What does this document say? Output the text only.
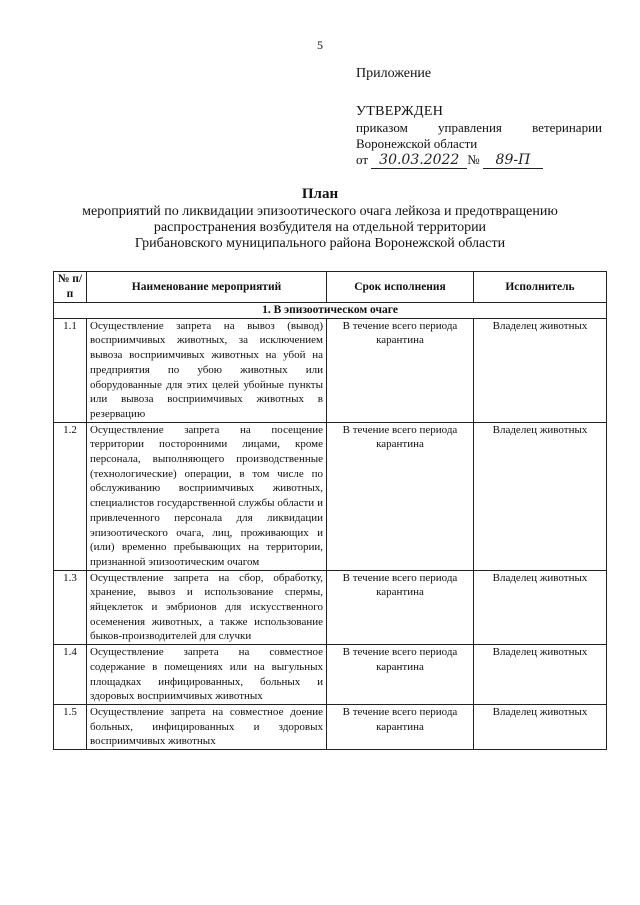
5
Приложение
УТВЕРЖДЕН
приказом управления ветеринарии
Воронежской области
от 30.03.2022 № 89-П
План
мероприятий по ликвидации эпизоотического очага лейкоза и предотвращению
распространения возбудителя на отдельной территории
Грибановского муниципального района Воронежской области
№ п/п	Наименование мероприятий	Срок исполнения	Исполнитель
1. В эпизоотическом очаге			
1.1	Осуществление запрета на вывоз (вывод) восприимчивых животных, за исключением вывоза восприимчивых животных на убой на предприятия по убою животных или оборудованные для этих целей убойные пункты или вывоза восприимчивых животных в резервацию	В течение всего периода карантина	Владелец животных
1.2	Осуществление запрета на посещение территории посторонними лицами, кроме персонала, выполняющего производственные (технологические) операции, в том числе по обслуживанию восприимчивых животных, специалистов государственной службы области и привлеченного персонала для ликвидации эпизоотического очага, лиц, проживающих и (или) временно пребывающих на территории, признанной эпизоотическим очагом	В течение всего периода карантина	Владелец животных
1.3	Осуществление запрета на сбор, обработку, хранение, вывоз и использование спермы, яйцеклеток и эмбрионов для искусственного осеменения животных, а также использование быков-производителей для случки	В течение всего периода карантина	Владелец животных
1.4	Осуществление запрета на совместное содержание в помещениях или на выгульных площадках инфицированных, больных и здоровых восприимчивых животных	В течение всего периода карантина	Владелец животных
1.5	Осуществление запрета на совместное доение больных, инфицированных и здоровых восприимчивых животных	В течение всего периода карантина	Владелец животных
